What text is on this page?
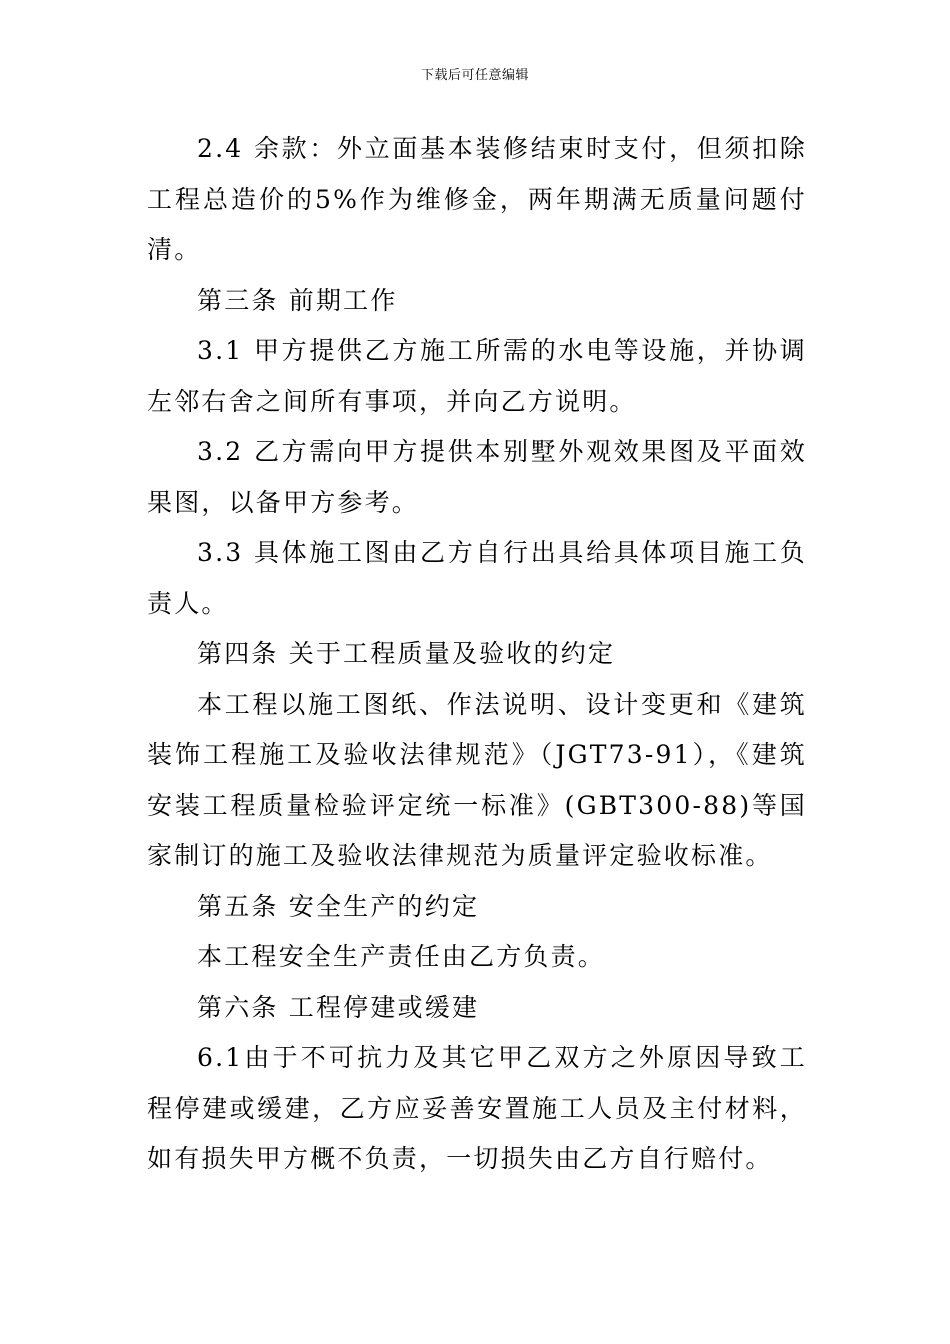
下载后可任意编辑

2.4 余款：外立面基本装修结束时支付，但须扣除工程总造价的5%作为维修金，两年期满无质量问题付清。

第三条 前期工作

3.1 甲方提供乙方施工所需的水电等设施，并协调左邻右舍之间所有事项，并向乙方说明。

3.2 乙方需向甲方提供本别墅外观效果图及平面效果图，以备甲方参考。

3.3 具体施工图由乙方自行出具给具体项目施工负责人。

第四条 关于工程质量及验收的约定

本工程以施工图纸、作法说明、设计变更和《建筑装饰工程施工及验收法律规范》（JGT73-91），《建筑安装工程质量检验评定统一标准》(GBT300-88)等国家制订的施工及验收法律规范为质量评定验收标准。

第五条 安全生产的约定

本工程安全生产责任由乙方负责。

第六条 工程停建或缓建

6.1由于不可抗力及其它甲乙双方之外原因导致工程停建或缓建，乙方应妥善安置施工人员及主付材料，如有损失甲方概不负责，一切损失由乙方自行赔付。
